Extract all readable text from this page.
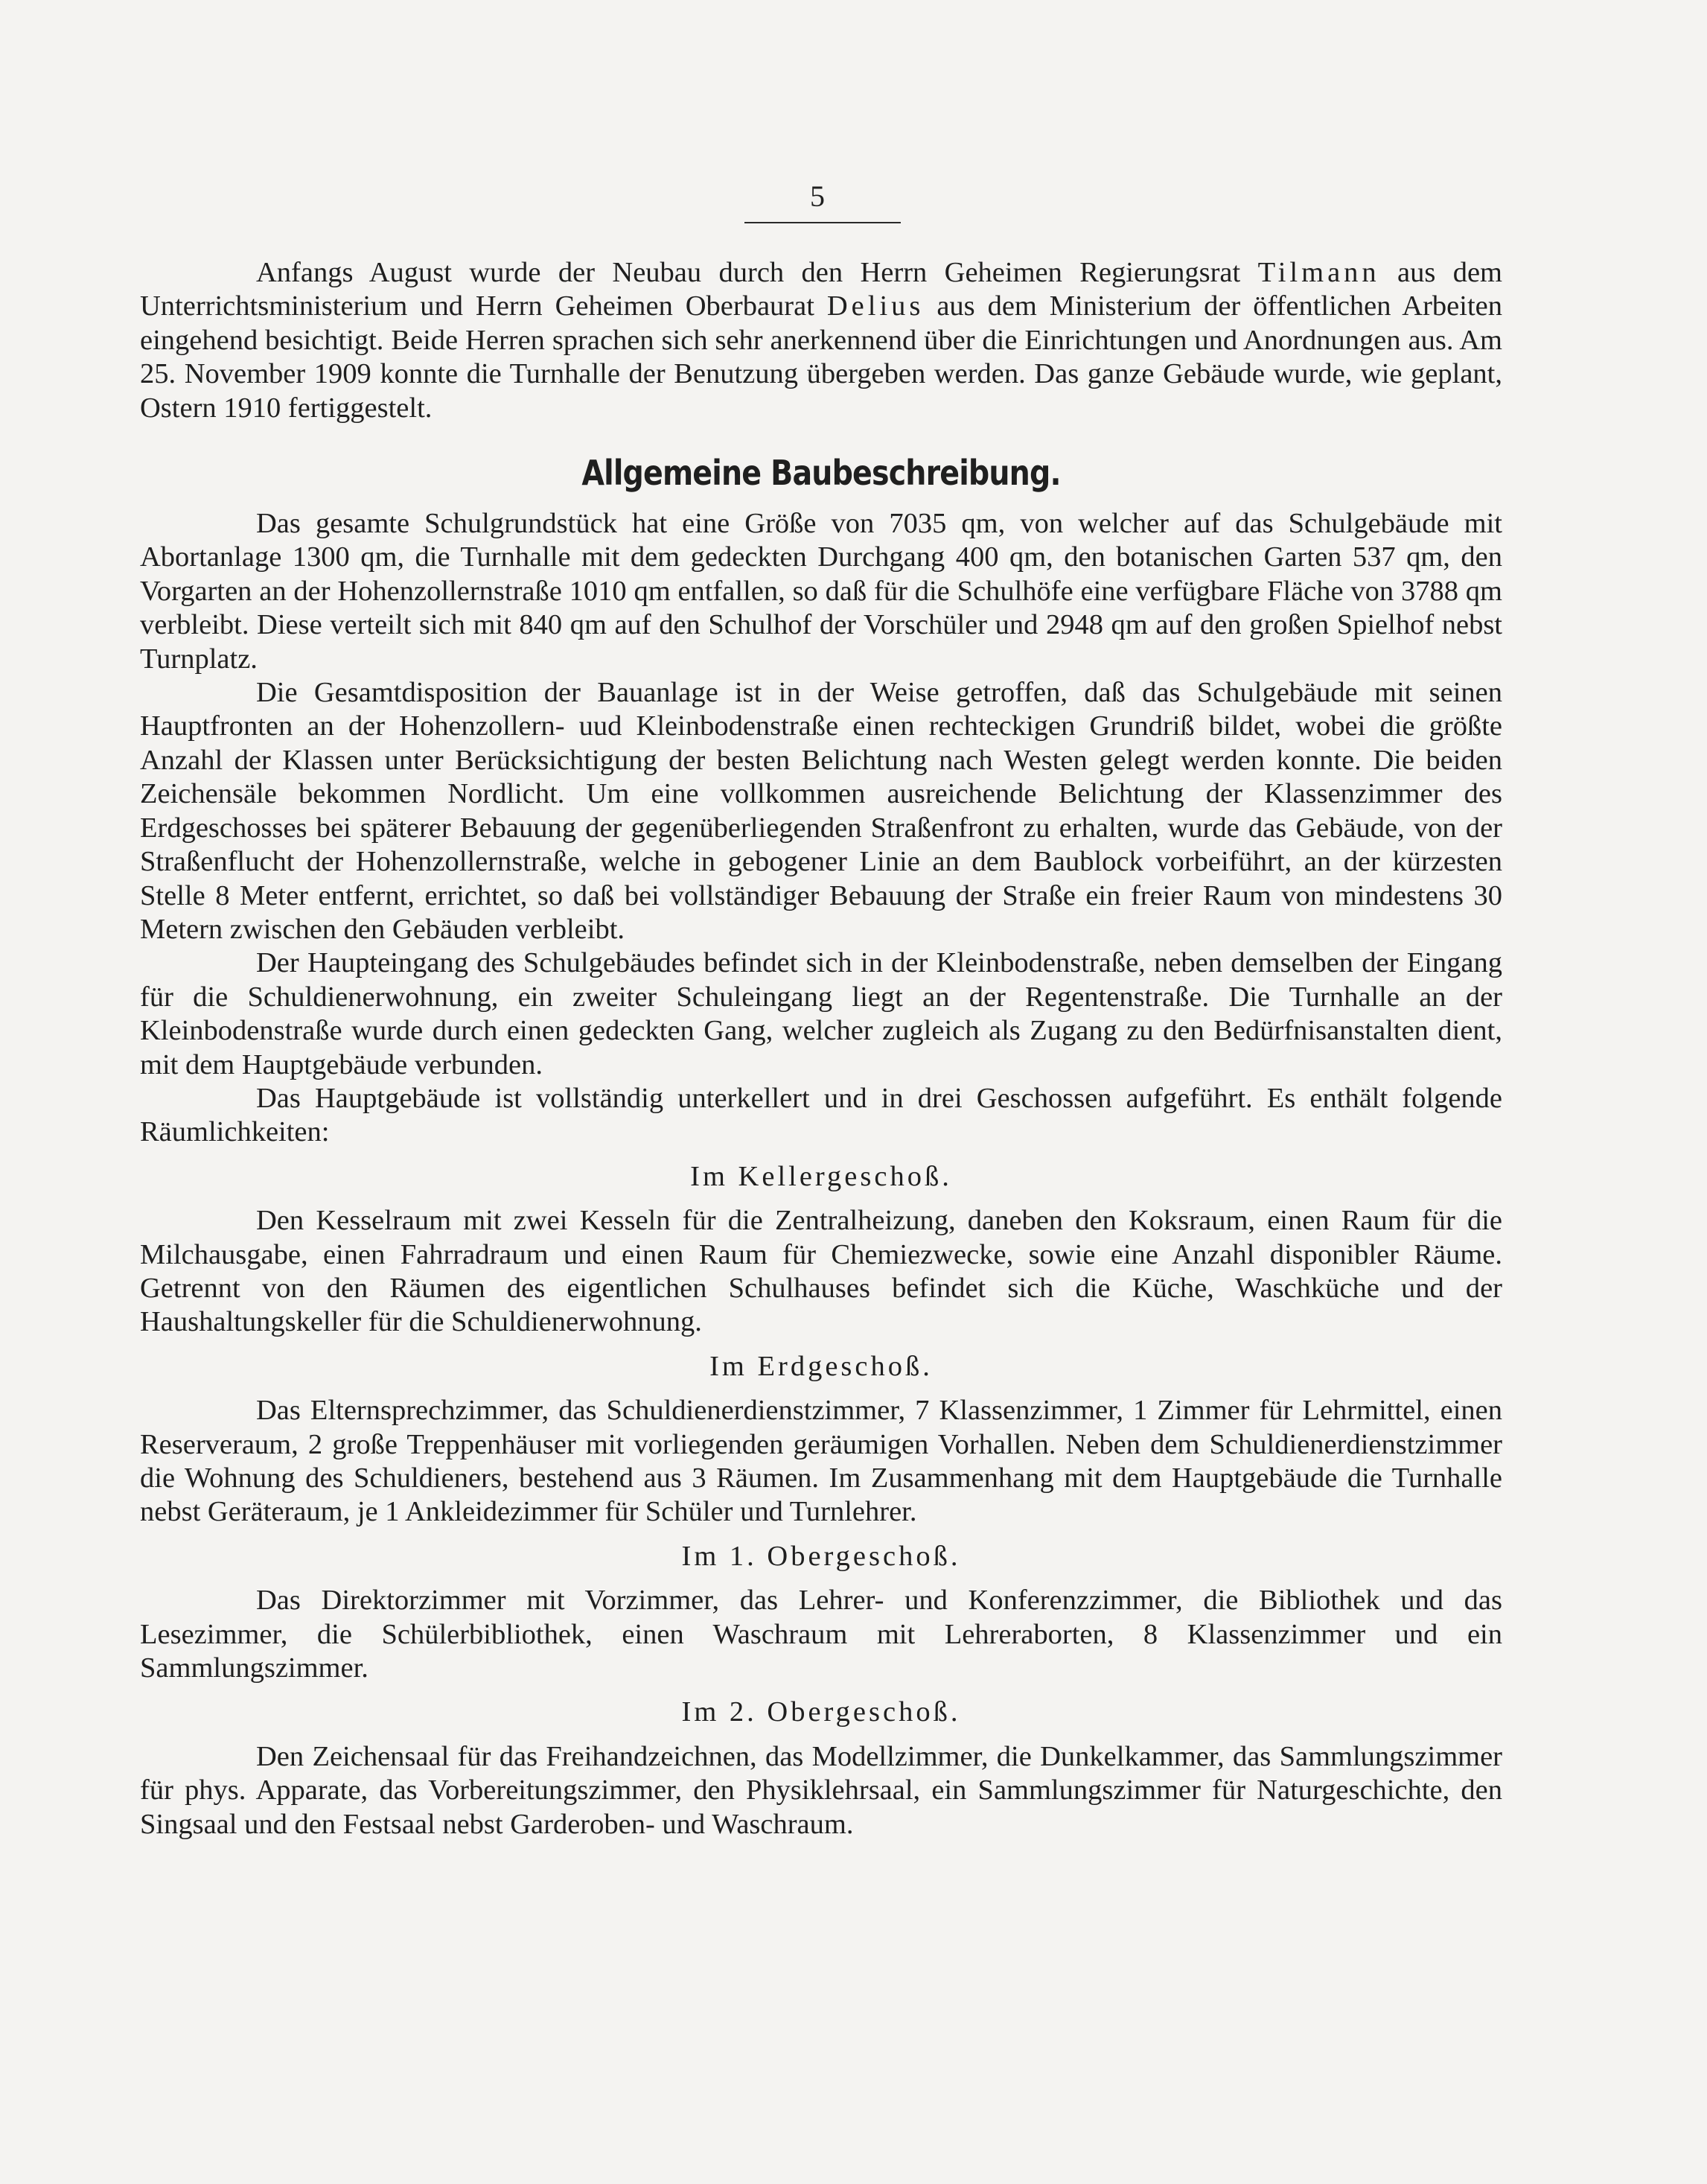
5

Anfangs August wurde der Neubau durch den Herrn Geheimen Regierungsrat Tilmann aus dem Unterrichtsministerium und Herrn Geheimen Oberbaurat Delius aus dem Ministerium der öffentlichen Arbeiten eingehend besichtigt. Beide Herren sprachen sich sehr anerkennend über die Einrichtungen und Anordnungen aus. Am 25. November 1909 konnte die Turnhalle der Benutzung übergeben werden. Das ganze Gebäude wurde, wie geplant, Ostern 1910 fertiggestelt.

Allgemeine Baubeschreibung.

Das gesamte Schulgrundstück hat eine Größe von 7035 qm, von welcher auf das Schulgebäude mit Abortanlage 1300 qm, die Turnhalle mit dem gedeckten Durchgang 400 qm, den botanischen Garten 537 qm, den Vorgarten an der Hohenzollernstraße 1010 qm entfallen, so daß für die Schulhöfe eine verfügbare Fläche von 3788 qm verbleibt. Diese verteilt sich mit 840 qm auf den Schulhof der Vorschüler und 2948 qm auf den großen Spielhof nebst Turnplatz.

Die Gesamtdisposition der Bauanlage ist in der Weise getroffen, daß das Schulgebäude mit seinen Hauptfronten an der Hohenzollern- uud Kleinbodenstraße einen rechteckigen Grundriß bildet, wobei die größte Anzahl der Klassen unter Berücksichtigung der besten Belichtung nach Westen gelegt werden konnte. Die beiden Zeichensäle bekommen Nordlicht. Um eine vollkommen ausreichende Belichtung der Klassenzimmer des Erdgeschosses bei späterer Bebauung der gegenüberliegenden Straßenfront zu erhalten, wurde das Gebäude, von der Straßenflucht der Hohenzollernstraße, welche in gebogener Linie an dem Baublock vorbeiführt, an der kürzesten Stelle 8 Meter entfernt, errichtet, so daß bei vollständiger Bebauung der Straße ein freier Raum von mindestens 30 Metern zwischen den Gebäuden verbleibt.

Der Haupteingang des Schulgebäudes befindet sich in der Kleinbodenstraße, neben demselben der Eingang für die Schuldienerwohnung, ein zweiter Schuleingang liegt an der Regentenstraße. Die Turnhalle an der Kleinbodenstraße wurde durch einen gedeckten Gang, welcher zugleich als Zugang zu den Bedürfnisanstalten dient, mit dem Hauptgebäude verbunden.

Das Hauptgebäude ist vollständig unterkellert und in drei Geschossen aufgeführt. Es enthält folgende Räumlichkeiten:

Im Kellergeschoß.

Den Kesselraum mit zwei Kesseln für die Zentralheizung, daneben den Koksraum, einen Raum für die Milchausgabe, einen Fahrradraum und einen Raum für Chemiezwecke, sowie eine Anzahl disponibler Räume. Getrennt von den Räumen des eigentlichen Schulhauses befindet sich die Küche, Waschküche und der Haushaltungskeller für die Schuldienerwohnung.

Im Erdgeschoß.

Das Elternsprechzimmer, das Schuldienerdienstzimmer, 7 Klassenzimmer, 1 Zimmer für Lehrmittel, einen Reserveraum, 2 große Treppenhäuser mit vorliegenden geräumigen Vorhallen. Neben dem Schuldienerdienstzimmer die Wohnung des Schuldieners, bestehend aus 3 Räumen. Im Zusammenhang mit dem Hauptgebäude die Turnhalle nebst Geräteraum, je 1 Ankleidezimmer für Schüler und Turnlehrer.

Im 1. Obergeschoß.

Das Direktorzimmer mit Vorzimmer, das Lehrer- und Konferenzzimmer, die Bibliothek und das Lesezimmer, die Schülerbibliothek, einen Waschraum mit Lehreraborten, 8 Klassenzimmer und ein Sammlungszimmer.

Im 2. Obergeschoß.

Den Zeichensaal für das Freihandzeichnen, das Modellzimmer, die Dunkelkammer, das Sammlungszimmer für phys. Apparate, das Vorbereitungszimmer, den Physiklehrsaal, ein Sammlungszimmer für Naturgeschichte, den Singsaal und den Festsaal nebst Garderoben- und Waschraum.
